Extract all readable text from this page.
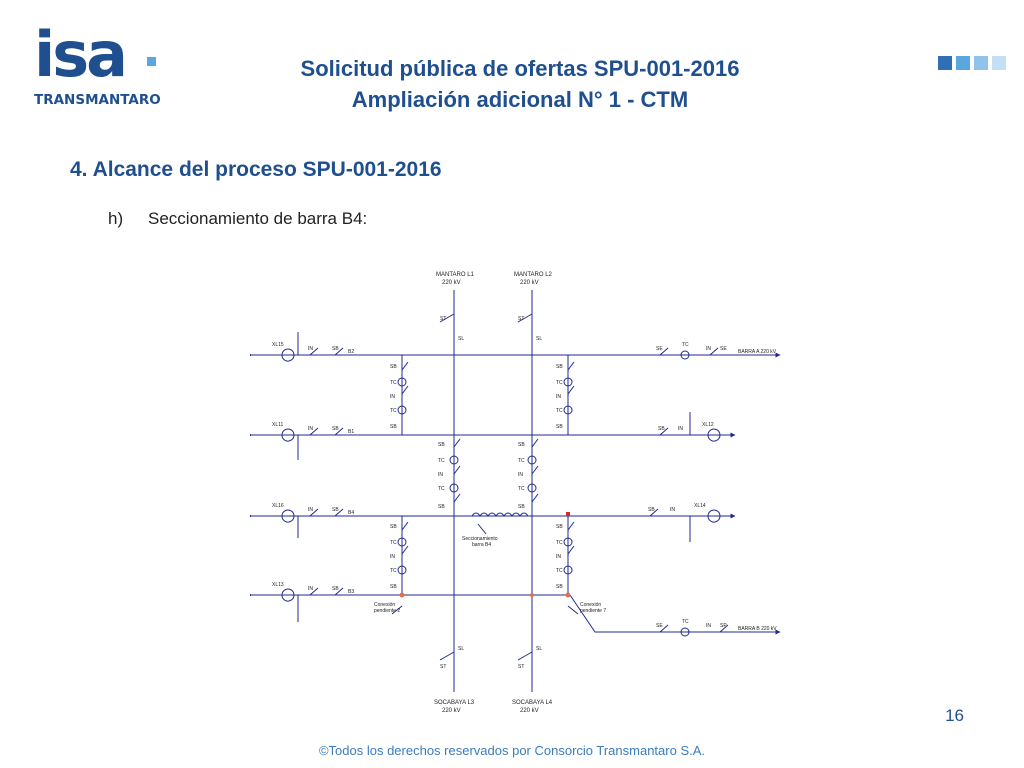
isa
TRANSMANTARO
Solicitud pública de ofertas SPU-001-2016
Ampliación adicional N° 1 - CTM
4. Alcance del proceso SPU-001-2016
h) Seccionamiento de barra B4:
MANTARO L1
220 kV
MANTARO L2
220 kV
SOCABAYA L3
220 kV
SOCABAYA L4
220 kV
B2
B1
B4
B3
BARRA A 220 kV
BARRA B 220 kV
XL15
XL11
XL16
XL13
XL12
XL14
ST
SL
ST
SL
SL
ST
SL
ST
IN	SB
IN	SB
IN	SB
IN	SB
SB
TC
IN
TC
SB
SB
TC
IN
TC
SB
SB
TC
IN
TC
SB
SB
TC
IN
TC
SB
SB
TC
IN
TC
SB
SB
TC
IN
TC
SB
SE
TC
IN SE
SB	IN
SB	IN
SE
TC
IN SP
Seccionamiento
barra B4
Conexión
pendiente 2
Conexión
pendiente 7
16
©Todos los derechos reservados por Consorcio Transmantaro S.A.
